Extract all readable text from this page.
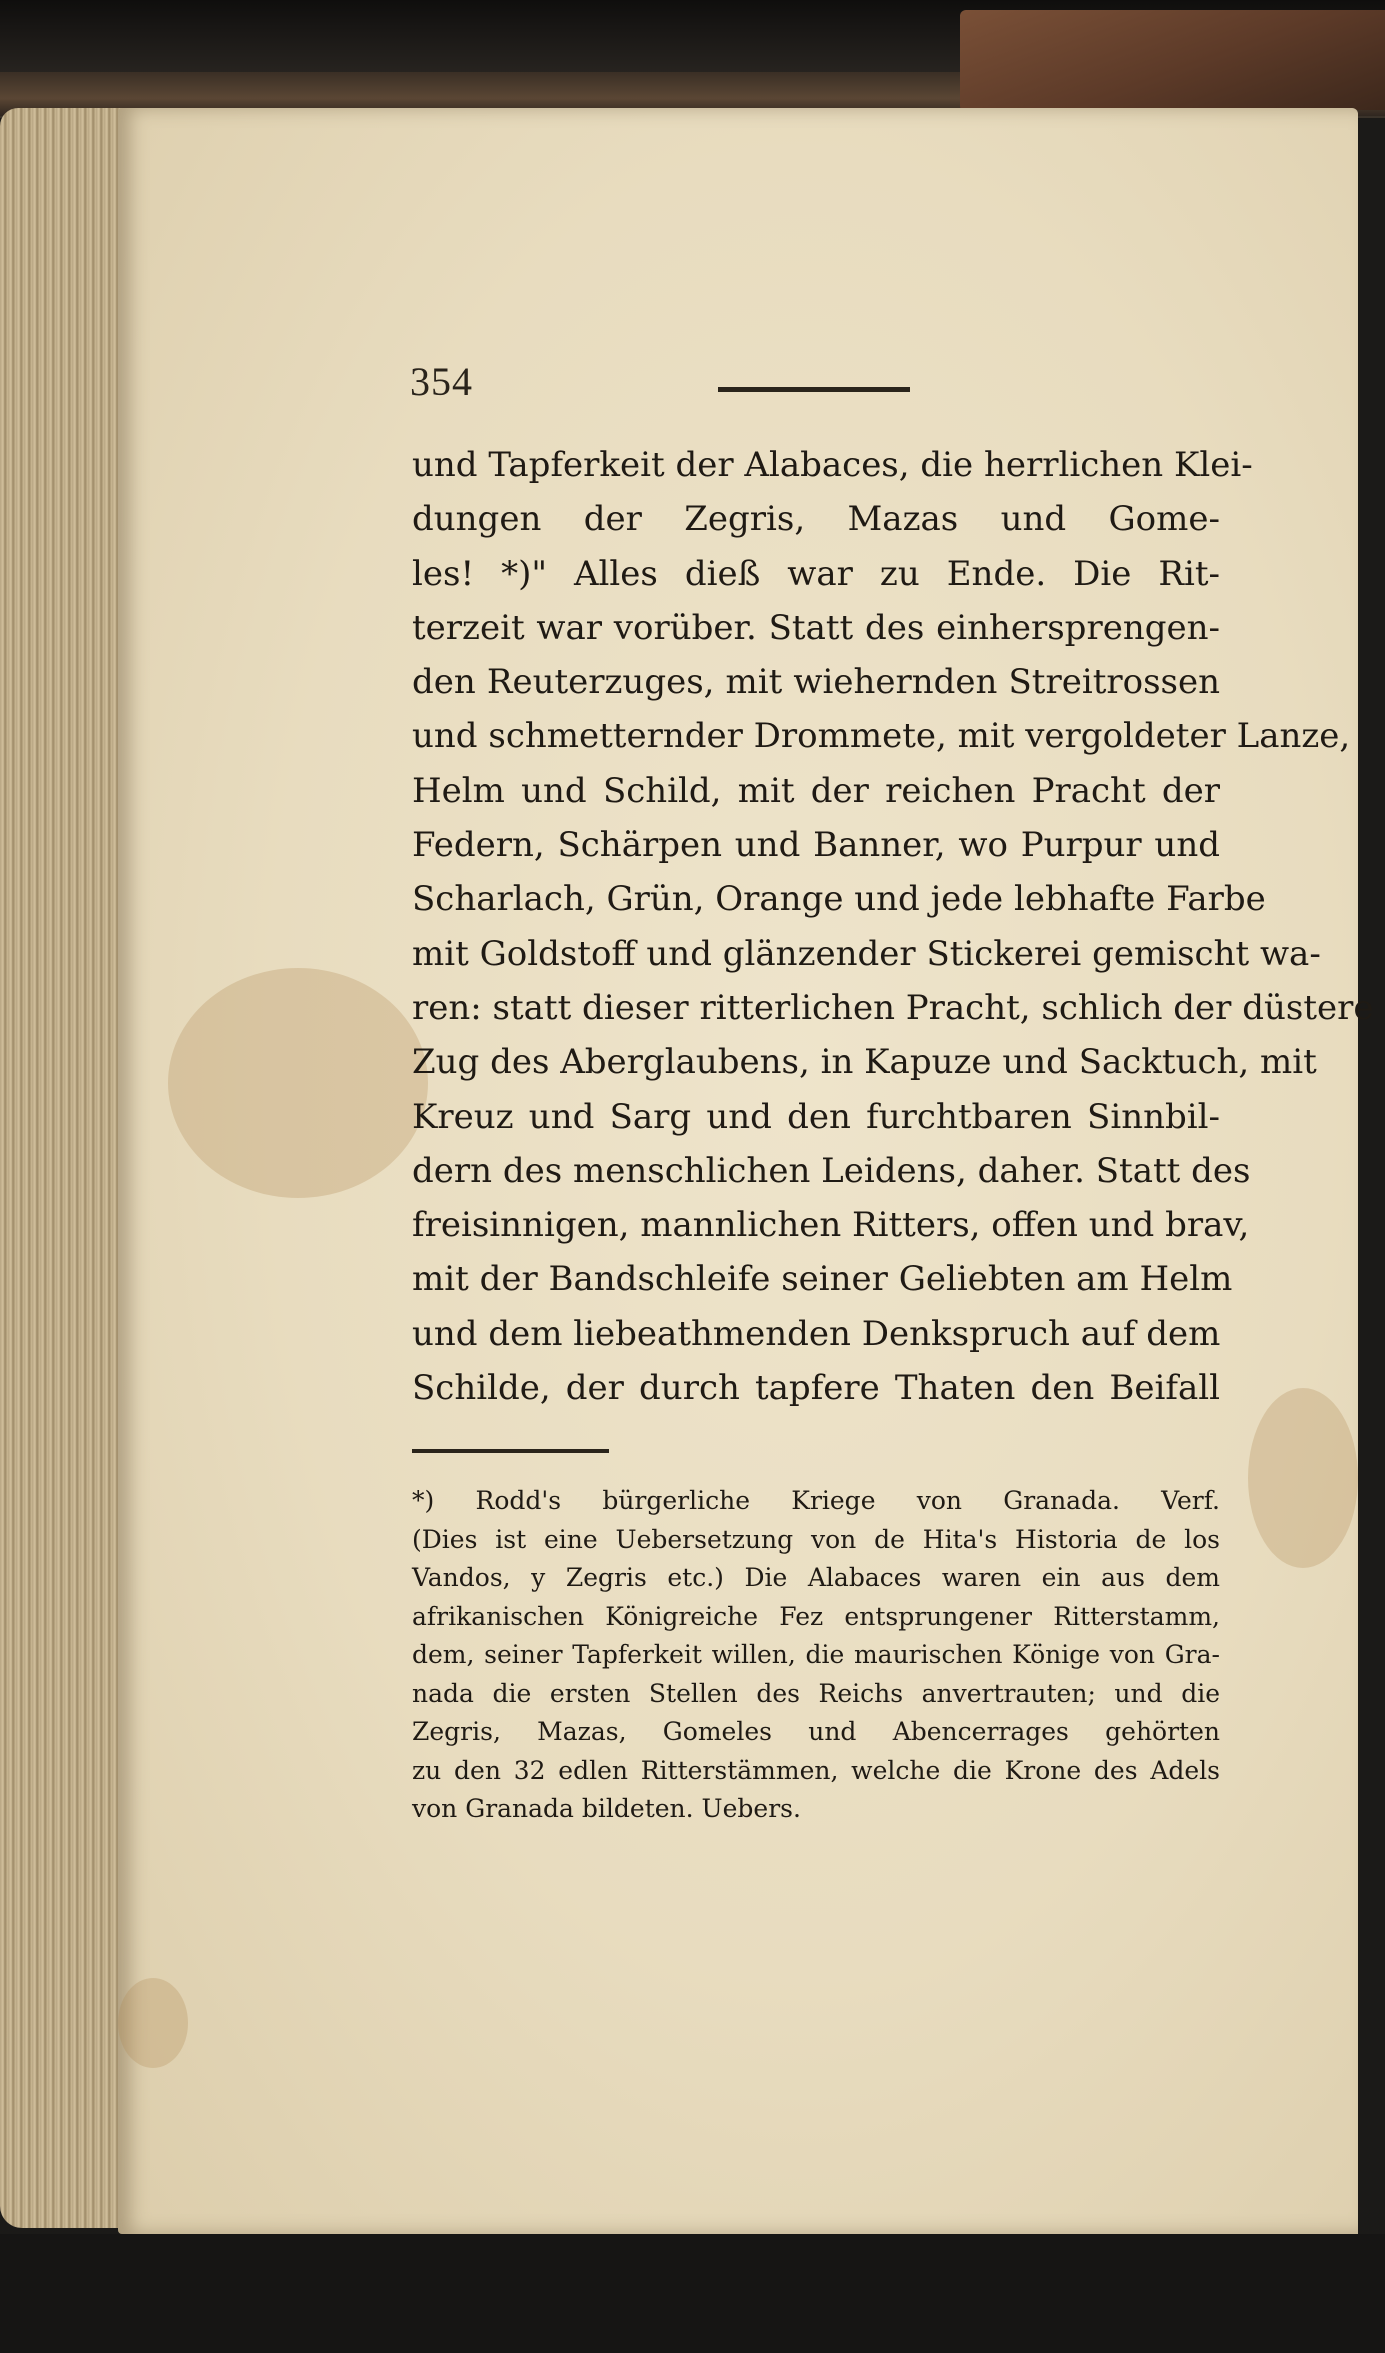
354
und Tapferkeit der Alabaces, die herrlichen Klei-
dungen der Zegris, Mazas und Gome-
les! *)" Alles dieß war zu Ende. Die Rit-
terzeit war vorüber. Statt des einhersprengen-
den Reuterzuges, mit wiehernden Streitrossen
und schmetternder Drommete, mit vergoldeter Lanze,
Helm und Schild, mit der reichen Pracht der
Federn, Schärpen und Banner, wo Purpur und
Scharlach, Grün, Orange und jede lebhafte Farbe
mit Goldstoff und glänzender Stickerei gemischt wa-
ren: statt dieser ritterlichen Pracht, schlich der düstere
Zug des Aberglaubens, in Kapuze und Sacktuch, mit
Kreuz und Sarg und den furchtbaren Sinnbil-
dern des menschlichen Leidens, daher. Statt des
freisinnigen, mannlichen Ritters, offen und brav,
mit der Bandschleife seiner Geliebten am Helm
und dem liebeathmenden Denkspruch auf dem
Schilde, der durch tapfere Thaten den Beifall
*) Rodd's bürgerliche Kriege von Granada. Verf.
(Dies ist eine Uebersetzung von de Hita's Historia de los
Vandos, y Zegris etc.) Die Alabaces waren ein aus dem
afrikanischen Königreiche Fez entsprungener Ritterstamm,
dem, seiner Tapferkeit willen, die maurischen Könige von Gra-
nada die ersten Stellen des Reichs anvertrauten; und die
Zegris, Mazas, Gomeles und Abencerrages gehörten
zu den 32 edlen Ritterstämmen, welche die Krone des Adels
von Granada bildeten. Uebers.
